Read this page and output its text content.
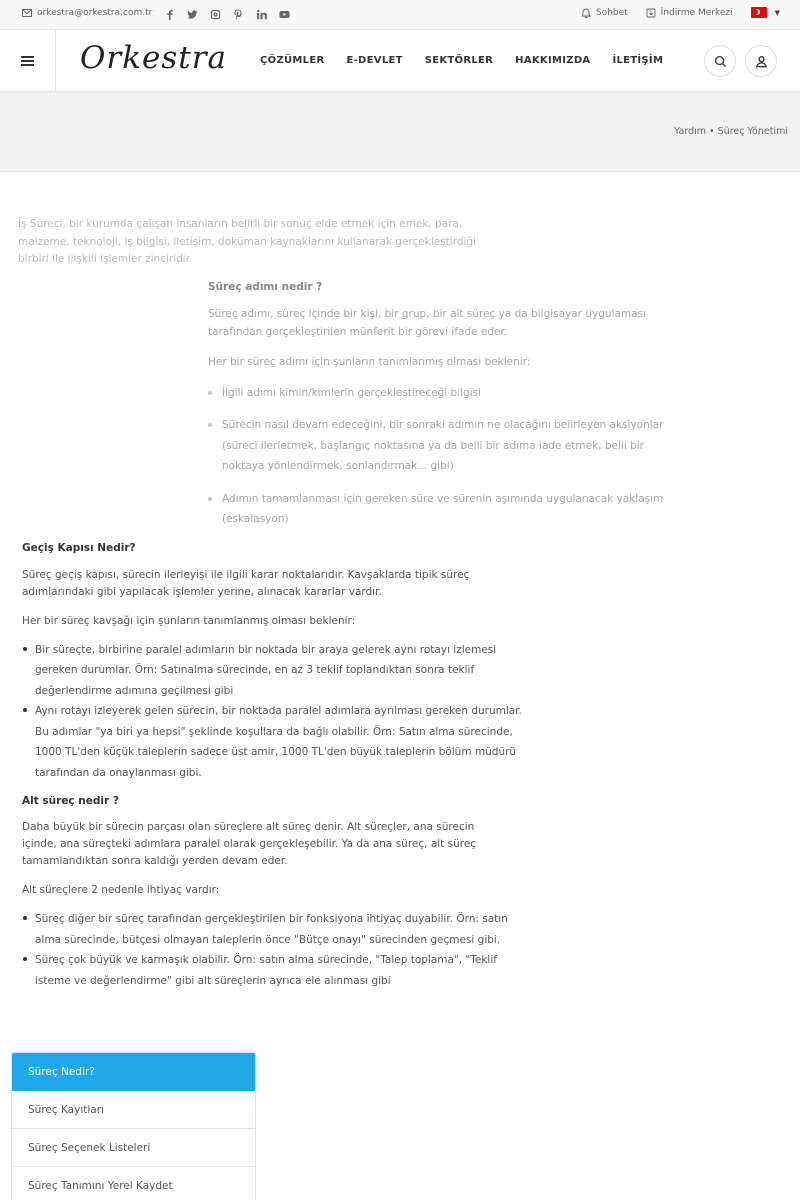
orkestra@orkestra.com.tr	Sohbet	İndirme Merkezi	▼
Orkestra	ÇÖZÜMLER E-DEVLET SEKTÖRLER HAKKIMIZDA İLETİŞİM
Yardım • Süreç Yönetimi
İş Süreci, bir kurumda çalışan insanların belirli bir sonuç elde etmek için emek, para, malzeme, teknoloji, iş bilgisi, iletişim, doküman kaynaklarını kullanarak gerçekleştirdiği birbiri ile ilişkili işlemler zinciridir.
Süreç adımı nedir ?

Süreç adımı, süreç içinde bir kişi, bir grup, bir alt süreç ya da bilgisayar uygulaması tarafından gerçekleştirilen münferit bir görevi ifade eder.

Her bir süreç adımı için şunların tanımlanmış olması beklenir:

İlgili adımı kimin/kimlerin gerçeklestireceği bilgisi
Sürecin nasıl devam edeceğini, bir sonraki adımın ne olacağını belirleyen aksiyonlar (süreci ilerletmek, başlangıç noktasına ya da belli bir adıma iade etmek, belli bir noktaya yönlendirmek, sonlandırmak... gibi)
Adımın tamamlanması için gereken süre ve sürenin aşımında uygulanacak yaklaşım (eskalasyon)
Geçiş Kapısı Nedir?

Süreç geçiş kapısı, sürecin ilerleyişi ile ilgili karar noktalarıdır. Kavşaklarda tipik süreç adımlarındaki gibi yapılacak işlemler yerine, alınacak kararlar vardır.

Her bir süreç kavşağı için şunların tanımlanmış olması beklenir:

Bir süreçte, birbirine paralel adımların bir noktada bir araya gelerek aynı rotayı izlemesi gereken durumlar. Örn: Satınalma sürecinde, en az 3 teklif toplandıktan sonra teklif değerlendirme adımına geçilmesi gibi
Aynı rotayı izleyerek gelen sürecin, bir noktada paralel adımlara ayrılması gereken durumlar. Bu adımlar "ya biri ya hepsi" şeklinde koşullara da bağlı olabilir. Örn: Satın alma sürecinde, 1000 TL'den küçük taleplerin sadece üst amir, 1000 TL'den büyük taleplerin bölüm müdürü tarafından da onaylanması gibi.
Alt süreç nedir ?

Daha büyük bir sürecin parçası olan süreçlere alt süreç denir. Alt süreçler, ana sürecin içinde, ana süreçteki adımlara paralel olarak gerçekleşebilir. Ya da ana süreç, alt süreç tamamlandıktan sonra kaldığı yerden devam eder.

Alt süreçlere 2 nedenle ihtiyaç vardır:

Süreç diğer bir süreç tarafından gerçekleştirilen bir fonksiyona ihtiyaç duyabilir. Örn: satın alma sürecinde, bütçesi olmayan taleplerin önce "Bütçe onayı" sürecinden geçmesi gibi.
Süreç çok büyük ve karmaşık olabilir. Örn: satın alma sürecinde, "Talep toplama", "Teklif isteme ve değerlendirme" gibi alt süreçlerin ayrıca ele alınması gibi
Süreç Nedir?
Süreç Kayıtları
Süreç Seçenek Listeleri
Süreç Tanımını Yerel Kaydet
